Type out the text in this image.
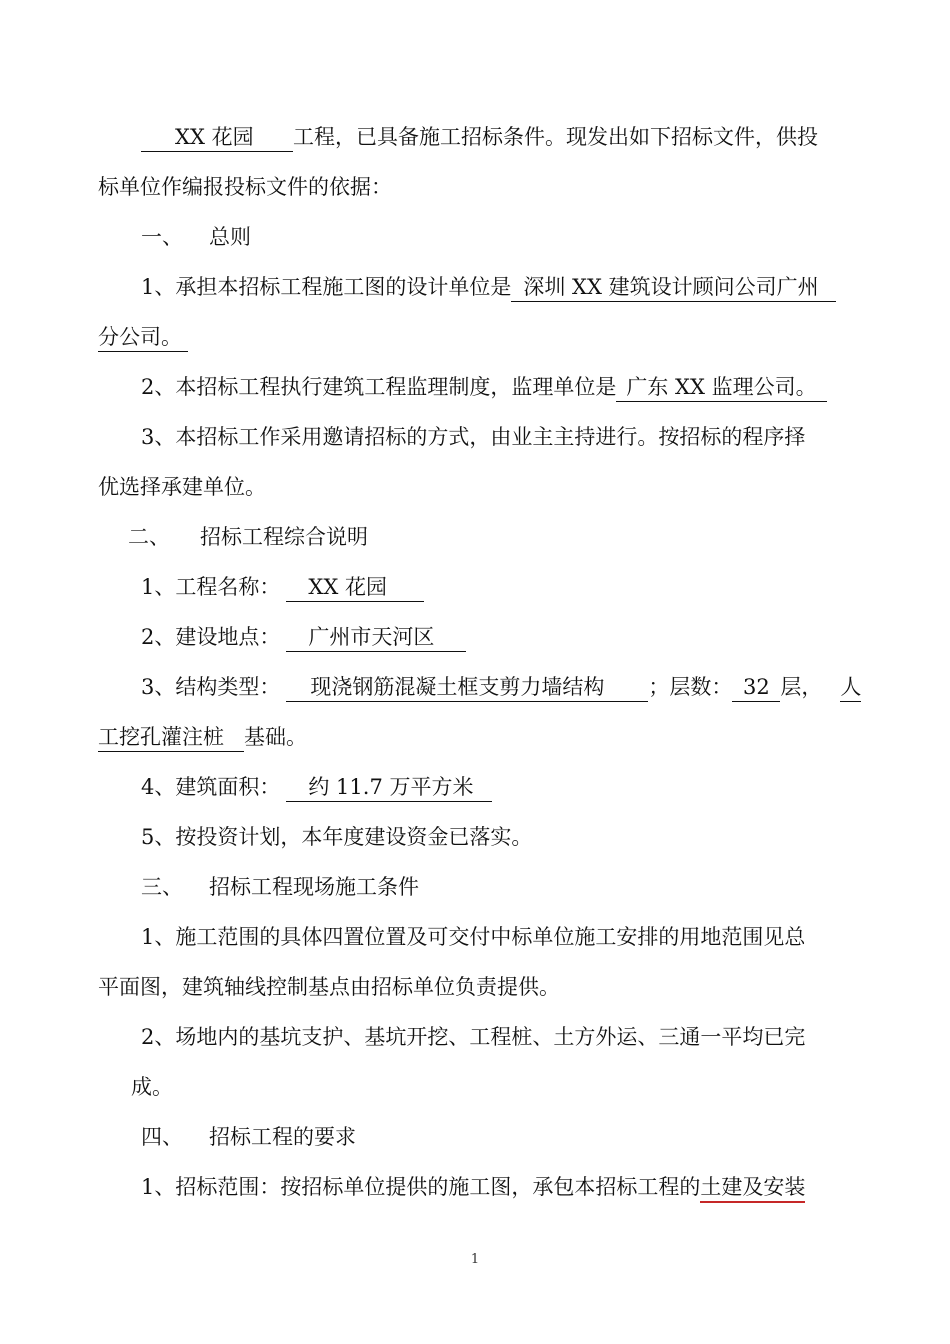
XX 花园 工程，已具备施工招标条件。现发出如下招标文件，供投
标单位作编报投标文件的依据：
一、 总则
1、承担本招标工程施工图的设计单位是 深圳 XX 建筑设计顾问公司广州
分公司。
2、本招标工程执行建筑工程监理制度，监理单位是 广东 XX 监理公司。
3、本招标工作采用邀请招标的方式，由业主主持进行。按招标的程序择
优选择承建单位。
二、 招标工程综合说明
1、工程名称： XX 花园
2、建设地点： 广州市天河区
3、结构类型： 现浇钢筋混凝土框支剪力墙结构 ；层数： 32 层， 人
工挖孔灌注桩 基础。
4、建筑面积： 约 11.7 万平方米
5、按投资计划，本年度建设资金已落实。
三、 招标工程现场施工条件
1、施工范围的具体四置位置及可交付中标单位施工安排的用地范围见总
平面图，建筑轴线控制基点由招标单位负责提供。
2、场地内的基坑支护、基坑开挖、工程桩、土方外运、三通一平均已完
成。
四、 招标工程的要求
1、招标范围：按招标单位提供的施工图，承包本招标工程的土建及安装
1
